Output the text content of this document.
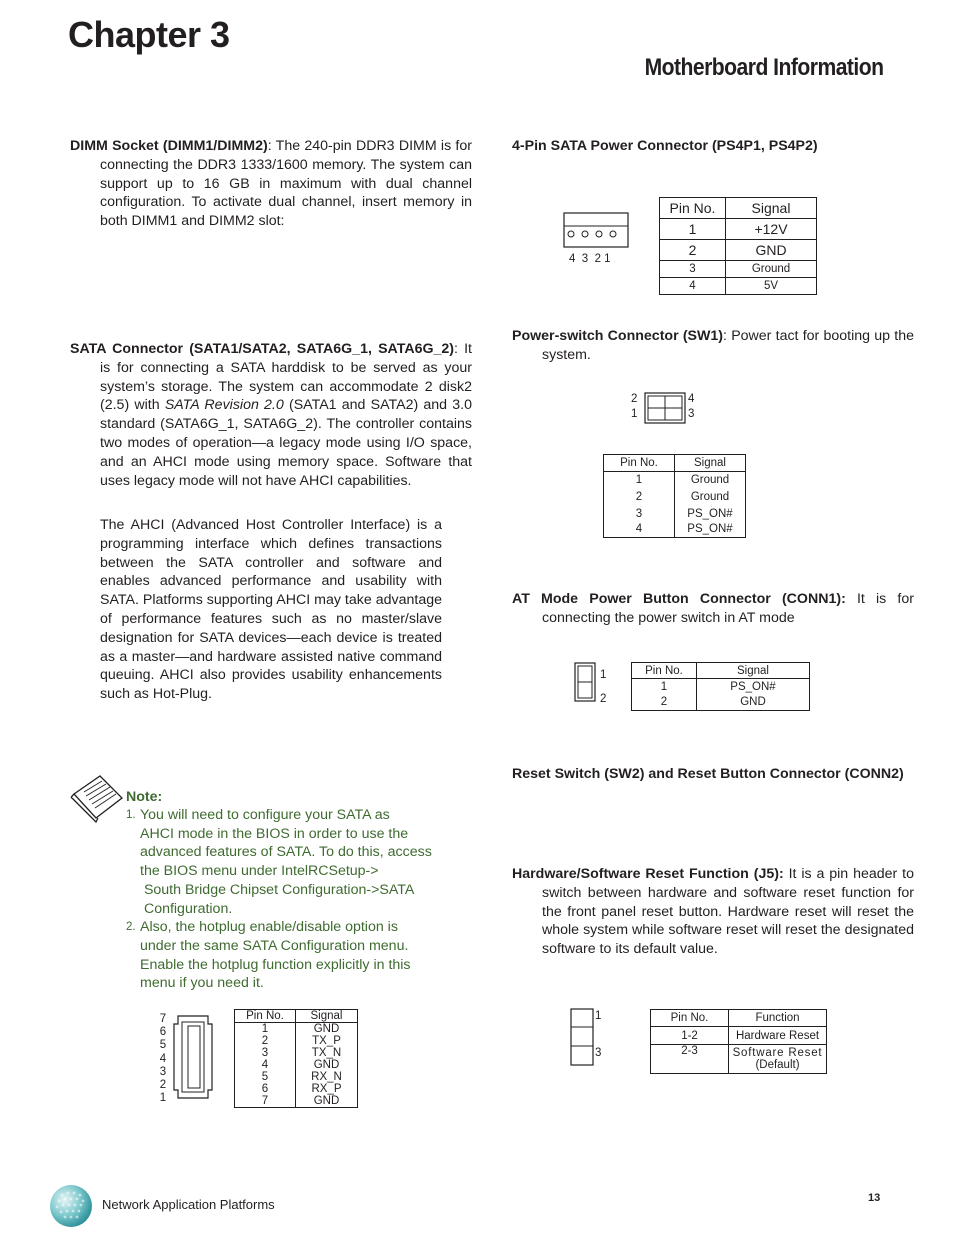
Chapter 3
Motherboard Information
DIMM Socket (DIMM1/DIMM2): The 240-pin DDR3 DIMM is for connecting the DDR3 1333/1600 memory. The system can support up to 16 GB in maximum with dual channel configuration. To activate dual channel, insert memory in both DIMM1 and DIMM2 slot:
SATA Connector (SATA1/SATA2, SATA6G_1, SATA6G_2): It is for connecting a SATA harddisk to be served as your system’s storage. The system can accommodate 2 disk2 (2.5) with SATA Revision 2.0 (SATA1 and SATA2) and 3.0 standard (SATA6G_1, SATA6G_2). The controller contains two modes of operation—a legacy mode using I/O space, and an AHCI mode using memory space. Software that uses legacy mode will not have AHCI capabilities.
The AHCI (Advanced Host Controller Interface) is a programming interface which defines transactions between the SATA controller and software and enables advanced performance and usability with SATA. Platforms supporting AHCI may take advantage of performance features such as no master/slave designation for SATA devices—each device is treated as a master—and hardware assisted native command queuing. AHCI also provides usability enhancements such as Hot-Plug.
Note:
1. You will need to configure your SATA as
AHCI mode in the BIOS in order to use the
advanced features of SATA. To do this, access
the BIOS menu under IntelRCSetup->
South Bridge Chipset Configuration->SATA
Configuration.
2. Also, the hotplug enable/disable option is
under the same SATA Configuration menu.
Enable the hotplug function explicitly in this
menu if you need it.
7
6
5
4
3
2
1
Pin No.	Signal
1	GND
2	TX_P
3	TX_N
4	GND
5	RX_N
6	RX_P
7	GND
4-Pin SATA Power Connector (PS4P1, PS4P2)
4  3  2 1
Pin No.	Signal
1	+12V
2	GND
3	Ground
4	5V
Power-switch Connector (SW1): Power tact for booting up the system.
2
1
4
3
Pin No.	Signal
1	Ground
2	Ground
3	PS_ON#
4	PS_ON#
AT Mode Power Button Connector (CONN1): It is for connecting the power switch in AT mode
1
2
Pin No.	Signal
1	PS_ON#
2	GND
Reset Switch (SW2) and Reset Button Connector (CONN2)
Hardware/Software Reset Function (J5): It is a pin header to switch between hardware and software reset function for the front panel reset button. Hardware reset will reset the whole system while software reset will reset the designated software to its default value.
1
3
Pin No.	Function
1-2	Hardware Reset
2-3	Software Reset
(Default)
Network Application Platforms	13
